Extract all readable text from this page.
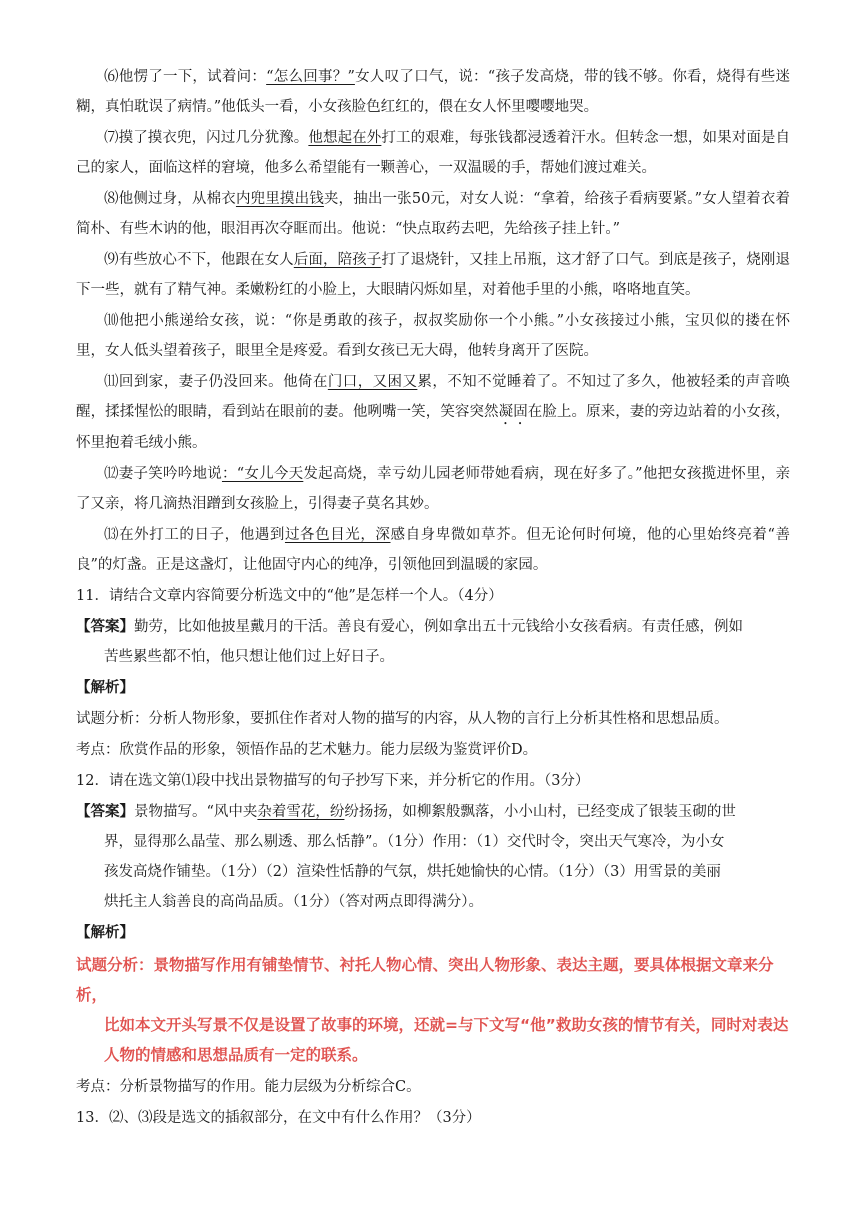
⑹他愣了一下，试着问：“怎么回事？”女人叹了口气，说：“孩子发高烧，带的钱不够。你看，烧得有些迷糊，真怕耽误了病情。”他低头一看，小女孩脸色红红的，偎在女人怀里嘤嘤地哭。

⑺摸了摸衣兜，闪过几分犹豫。他想起在外打工的艰难，每张钱都浸透着汗水。但转念一想，如果对面是自己的家人，面临这样的窘境，他多么希望能有一颗善心，一双温暖的手，帮她们渡过难关。

⑻他侧过身，从棉衣内兜里摸出钱夹，抽出一张50元，对女人说：“拿着，给孩子看病要紧。”女人望着衣着简朴、有些木讷的他，眼泪再次夺眶而出。他说：“快点取药去吧，先给孩子挂上针。”

⑼有些放心不下，他跟在女人后面，陪孩子打了退烧针，又挂上吊瓶，这才舒了口气。到底是孩子，烧刚退下一些，就有了精气神。柔嫩粉红的小脸上，大眼睛闪烁如星，对着他手里的小熊，咯咯地直笑。

⑽他把小熊递给女孩，说：“你是勇敢的孩子，叔叔奖励你一个小熊。”小女孩接过小熊，宝贝似的搂在怀里，女人低头望着孩子，眼里全是疼爱。看到女孩已无大碍，他转身离开了医院。

⑾回到家，妻子仍没回来。他倚在门口，又困又累，不知不觉睡着了。不知过了多久，他被轻柔的声音唤醒，揉揉惺忪的眼睛，看到站在眼前的妻。他咧嘴一笑，笑容突然凝固在脸上。原来，妻的旁边站着的小女孩，怀里抱着毛绒小熊。

⑿妻子笑吟吟地说：“女儿今天发起高烧，幸亏幼儿园老师带她看病，现在好多了。”他把女孩揽进怀里，亲了又亲，将几滴热泪蹭到女孩脸上，引得妻子莫名其妙。

⒀在外打工的日子，他遇到过各色目光，深感自身卑微如草芥。但无论何时何境，他的心里始终亮着“善良”的灯盏。正是这盏灯，让他固守内心的纯净，引领他回到温暖的家园。

11．请结合文章内容简要分析选文中的“他”是怎样一个人。（4分）

【答案】勤劳，比如他披星戴月的干活。善良有爱心，例如拿出五十元钱给小女孩看病。有责任感，例如
苦些累些都不怕，他只想让他们过上好日子。

【解析】

试题分析：分析人物形象，要抓住作者对人物的描写的内容，从人物的言行上分析其性格和思想品质。

考点：欣赏作品的形象，领悟作品的艺术魅力。能力层级为鉴赏评价D。

12．请在选文第⑴段中找出景物描写的句子抄写下来，并分析它的作用。（3分）

【答案】景物描写。“风中夹杂着雪花，纷纷扬扬，如柳絮般飘落，小小山村，已经变成了银装玉砌的世
界，显得那么晶莹、那么剔透、那么恬静”。（1分）作用：（1）交代时令，突出天气寒冷，为小女
孩发高烧作铺垫。（1分）（2）渲染性恬静的气氛，烘托她愉快的心情。（1分）（3）用雪景的美丽
烘托主人翁善良的高尚品质。（1分）（答对两点即得满分）。

【解析】

试题分析：景物描写作用有铺垫情节、衬托人物心情、突出人物形象、表达主题，要具体根据文章来分析，
比如本文开头写景不仅是设置了故事的环境，还就=与下文写“他”救助女孩的情节有关，同时对表达
人物的情感和思想品质有一定的联系。

考点：分析景物描写的作用。能力层级为分析综合C。

13．⑵、⑶段是选文的插叙部分，在文中有什么作用？（3分）
